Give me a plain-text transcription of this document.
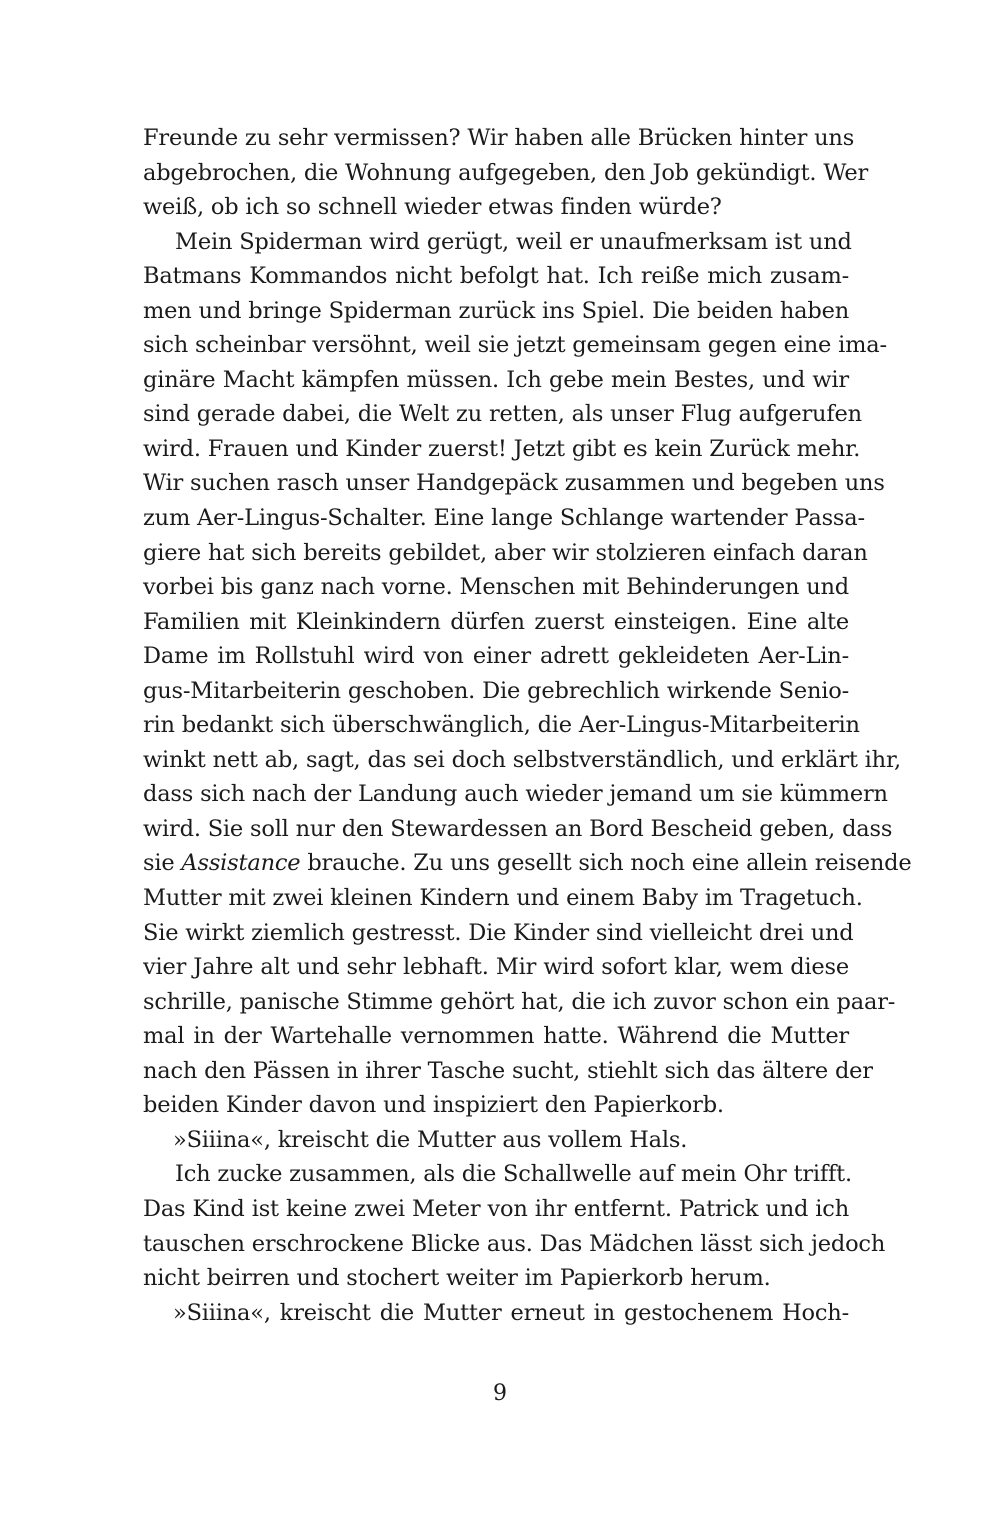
Freunde zu sehr vermissen? Wir haben alle Brücken hinter uns
abgebrochen, die Wohnung aufgegeben, den Job gekündigt. Wer
weiß, ob ich so schnell wieder etwas finden würde?
Mein Spiderman wird gerügt, weil er unaufmerksam ist und
Batmans Kommandos nicht befolgt hat. Ich reiße mich zusam-
men und bringe Spiderman zurück ins Spiel. Die beiden haben
sich scheinbar versöhnt, weil sie jetzt gemeinsam gegen eine ima-
ginäre Macht kämpfen müssen. Ich gebe mein Bestes, und wir
sind gerade dabei, die Welt zu retten, als unser Flug aufgerufen
wird. Frauen und Kinder zuerst! Jetzt gibt es kein Zurück mehr.
Wir suchen rasch unser Handgepäck zusammen und begeben uns
zum Aer-Lingus-Schalter. Eine lange Schlange wartender Passa-
giere hat sich bereits gebildet, aber wir stolzieren einfach daran
vorbei bis ganz nach vorne. Menschen mit Behinderungen und
Familien mit Kleinkindern dürfen zuerst einsteigen. Eine alte
Dame im Rollstuhl wird von einer adrett gekleideten Aer-Lin-
gus-Mitarbeiterin geschoben. Die gebrechlich wirkende Senio-
rin bedankt sich überschwänglich, die Aer-Lingus-Mitarbeiterin
winkt nett ab, sagt, das sei doch selbstverständlich, und erklärt ihr,
dass sich nach der Landung auch wieder jemand um sie kümmern
wird. Sie soll nur den Stewardessen an Bord Bescheid geben, dass
sie Assistance brauche. Zu uns gesellt sich noch eine allein reisende
Mutter mit zwei kleinen Kindern und einem Baby im Tragetuch.
Sie wirkt ziemlich gestresst. Die Kinder sind vielleicht drei und
vier Jahre alt und sehr lebhaft. Mir wird sofort klar, wem diese
schrille, panische Stimme gehört hat, die ich zuvor schon ein paar-
mal in der Wartehalle vernommen hatte. Während die Mutter
nach den Pässen in ihrer Tasche sucht, stiehlt sich das ältere der
beiden Kinder davon und inspiziert den Papierkorb.
»Siiina«, kreischt die Mutter aus vollem Hals.
Ich zucke zusammen, als die Schallwelle auf mein Ohr trifft.
Das Kind ist keine zwei Meter von ihr entfernt. Patrick und ich
tauschen erschrockene Blicke aus. Das Mädchen lässt sich jedoch
nicht beirren und stochert weiter im Papierkorb herum.
»Siiina«, kreischt die Mutter erneut in gestochenem Hoch-
9
